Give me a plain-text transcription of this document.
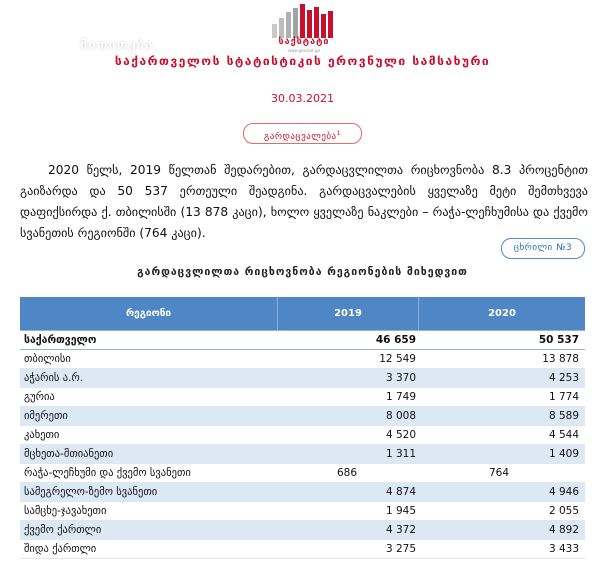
საქსტატი
www.geostat.ge
საქართველოს სტატისტიკის ეროვნული სამსახური
მითითება
30.03.2021
გარდაცვალება$^1$

2020 წელს, 2019 წელთან შედარებით, გარდაცვლილთა რიცხოვნობა 8.3 პროცენტით გაიზარდა და 50 537 ერთეული შეადგინა. გარდაცვალების ყველაზე მეტი შემთხვევა დაფიქსირდა ქ. თბილისში (13 878 კაცი), ხოლო ყველაზე ნაკლები – რაჭა-ლეჩხუმისა და ქვემო სვანეთის რეგიონში (764 კაცი).

ცხრილი №3
გარდაცვლილთა რიცხოვნობა რეგიონების მიხედვით
რეგიონი	2019	2020
საქართველო	46 659	50 537
თბილისი	12 549	13 878
აჭარის ა.რ.	3 370	4 253
გურია	1 749	1 774
იმერეთი	8 008	8 589
კახეთი	4 520	4 544
მცხეთა-მთიანეთი	1 311	1 409
რაჭა-ლეჩხუმი და ქვემო სვანეთი	686	764
სამეგრელო-ზემო სვანეთი	4 874	4 946
სამცხე-ჯავახეთი	1 945	2 055
ქვემო ქართლი	4 372	4 892
შიდა ქართლი	3 275	3 433
